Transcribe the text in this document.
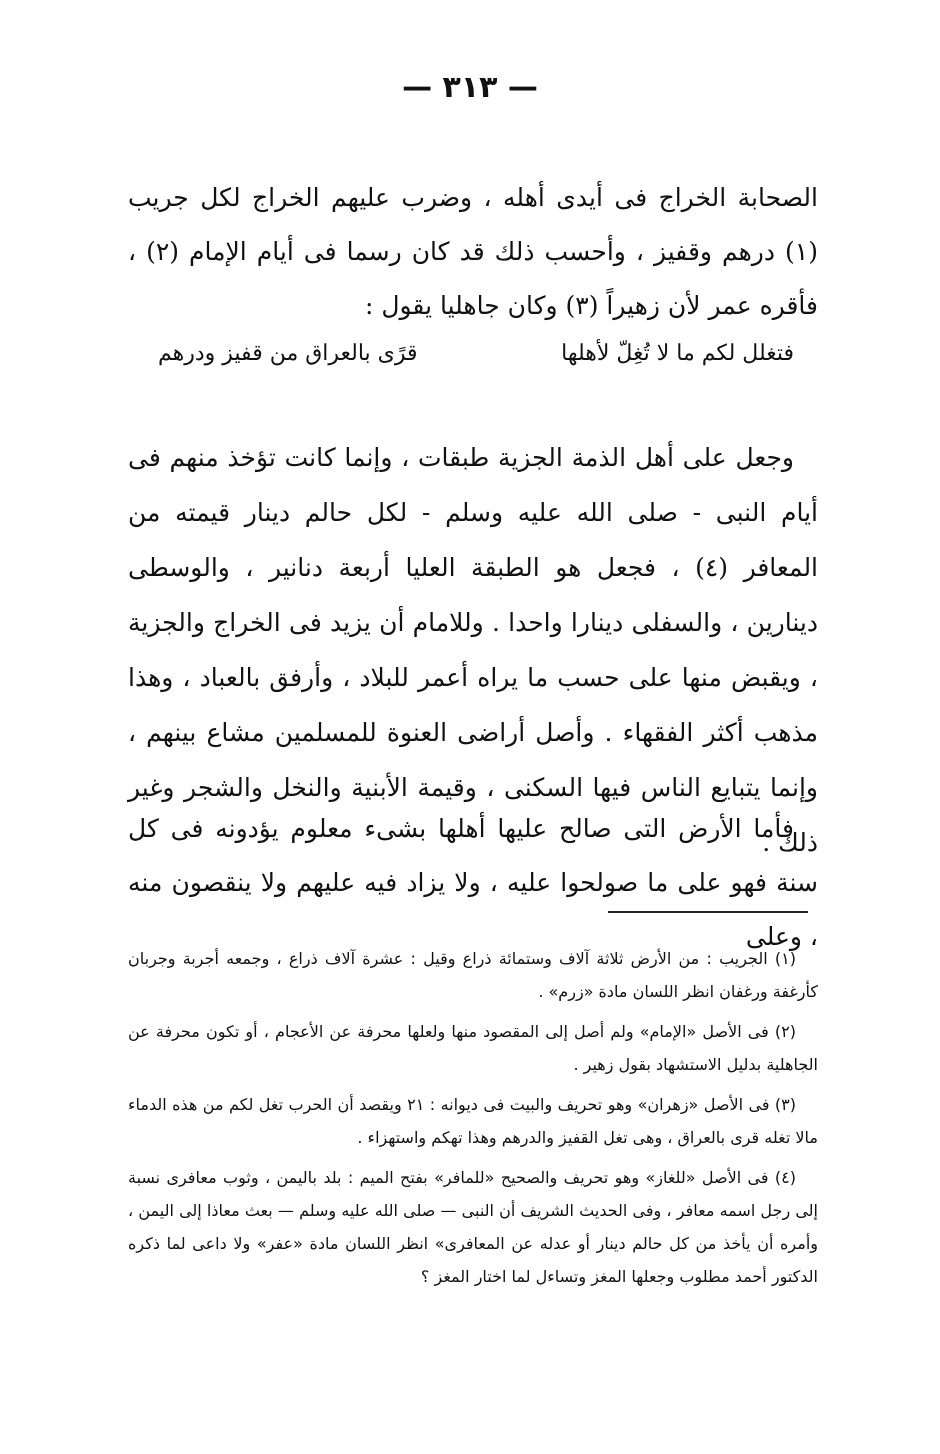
— ٣١٣ —

الصحابة الخراج فى أيدى أهله ، وضرب عليهم الخراج لكل جريب (١) درهم وقفيز ، وأحسب ذلك قد كان رسما فى أيام الإمام (٢) ، فأقره عمر لأن زهيراً (٣) وكان جاهليا يقول :

فتغلل لكم ما لا تُغِلّ لأهلها
قرًى بالعراق من قفيز ودرهم

وجعل على أهل الذمة الجزية طبقات ، وإنما كانت تؤخذ منهم فى أيام النبى - صلى الله عليه وسلم - لكل حالم دينار قيمته من المعافر (٤) ، فجعل هو الطبقة العليا أربعة دنانير ، والوسطى دينارين ، والسفلى دينارا واحدا . وللامام أن يزيد فى الخراج والجزية ، ويقبض منها على حسب ما يراه أعمر للبلاد ، وأرفق بالعباد ، وهذا مذهب أكثر الفقهاء . وأصل أراضى العنوة للمسلمين مشاع بينهم ، وإنما يتبايع الناس فيها السكنى ، وقيمة الأبنية والنخل والشجر وغير ذلك .

فأما الأرض التى صالح عليها أهلها بشىء معلوم يؤدونه فى كل سنة فهو على ما صولحوا عليه ، ولا يزاد فيه عليهم ولا ينقصون منه ، وعلى

(١) الجريب : من الأرض ثلاثة آلاف وستمائة ذراع وقيل : عشرة آلاف ذراع ، وجمعه أجربة وجربان كأرغفة ورغفان انظر اللسان مادة «زرم» .

(٢) فى الأصل «الإمام» ولم أصل إلى المقصود منها ولعلها محرفة عن الأعجام ، أو تكون محرفة عن الجاهلية بدليل الاستشهاد بقول زهير .

(٣) فى الأصل «زهران» وهو تحريف والبيت فى ديوانه : ٢١ ويقصد أن الحرب تغل لكم من هذه الدماء مالا تغله قرى بالعراق ، وهى تغل القفيز والدرهم وهذا تهكم واستهزاء .

(٤) فى الأصل «للغاز» وهو تحريف والصحيح «للمافر» بفتح الميم : بلد باليمن ، وثوب معافرى نسبة إلى رجل اسمه معافر ، وفى الحديث الشريف أن النبى — صلى الله عليه وسلم — بعث معاذا إلى اليمن ، وأمره أن يأخذ من كل حالم دينار أو عدله عن المعافرى» انظر اللسان مادة «عفر» ولا داعى لما ذكره الدكتور أحمد مطلوب وجعلها المغز وتساءل لما اختار المغز ؟
